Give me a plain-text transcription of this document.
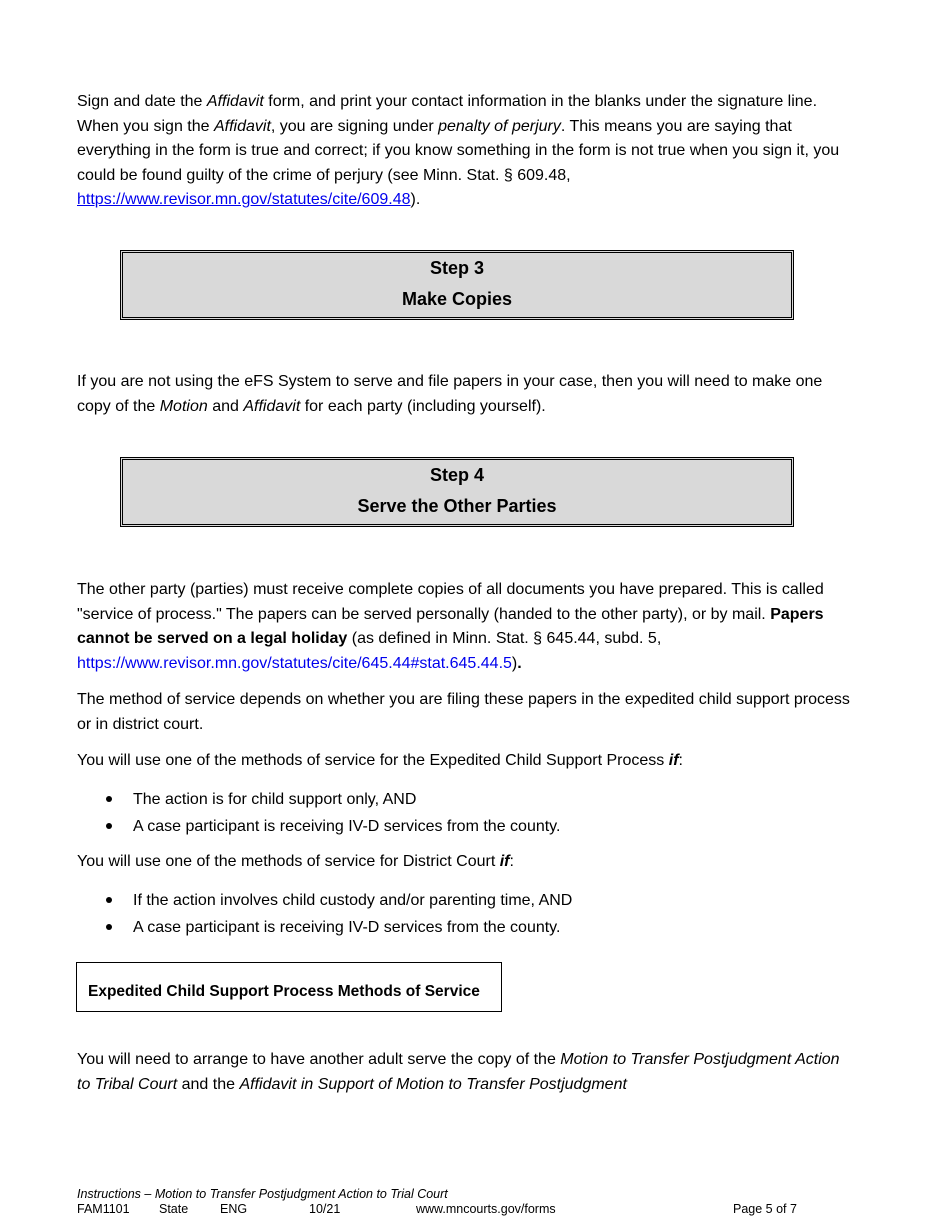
Sign and date the Affidavit form, and print your contact information in the blanks under the signature line. When you sign the Affidavit, you are signing under penalty of perjury. This means you are saying that everything in the form is true and correct; if you know something in the form is not true when you sign it, you could be found guilty of the crime of perjury (see Minn. Stat. § 609.48, https://www.revisor.mn.gov/statutes/cite/609.48).

Step 3
Make Copies

If you are not using the eFS System to serve and file papers in your case, then you will need to make one copy of the Motion and Affidavit for each party (including yourself).

Step 4
Serve the Other Parties

The other party (parties) must receive complete copies of all documents you have prepared. This is called "service of process." The papers can be served personally (handed to the other party), or by mail. Papers cannot be served on a legal holiday (as defined in Minn. Stat. § 645.44, subd. 5, https://www.revisor.mn.gov/statutes/cite/645.44#stat.645.44.5).

The method of service depends on whether you are filing these papers in the expedited child support process or in district court.

You will use one of the methods of service for the Expedited Child Support Process if:

The action is for child support only, AND
A case participant is receiving IV-D services from the county.

You will use one of the methods of service for District Court if:

If the action involves child custody and/or parenting time, AND
A case participant is receiving IV-D services from the county.
Expedited Child Support Process Methods of Service

You will need to arrange to have another adult serve the copy of the Motion to Transfer Postjudgment Action to Tribal Court and the Affidavit in Support of Motion to Transfer Postjudgment

Instructions – Motion to Transfer Postjudgment Action to Trial Court
FAM1101 State	ENG	10/21	www.mncourts.gov/forms	Page 5 of 7
